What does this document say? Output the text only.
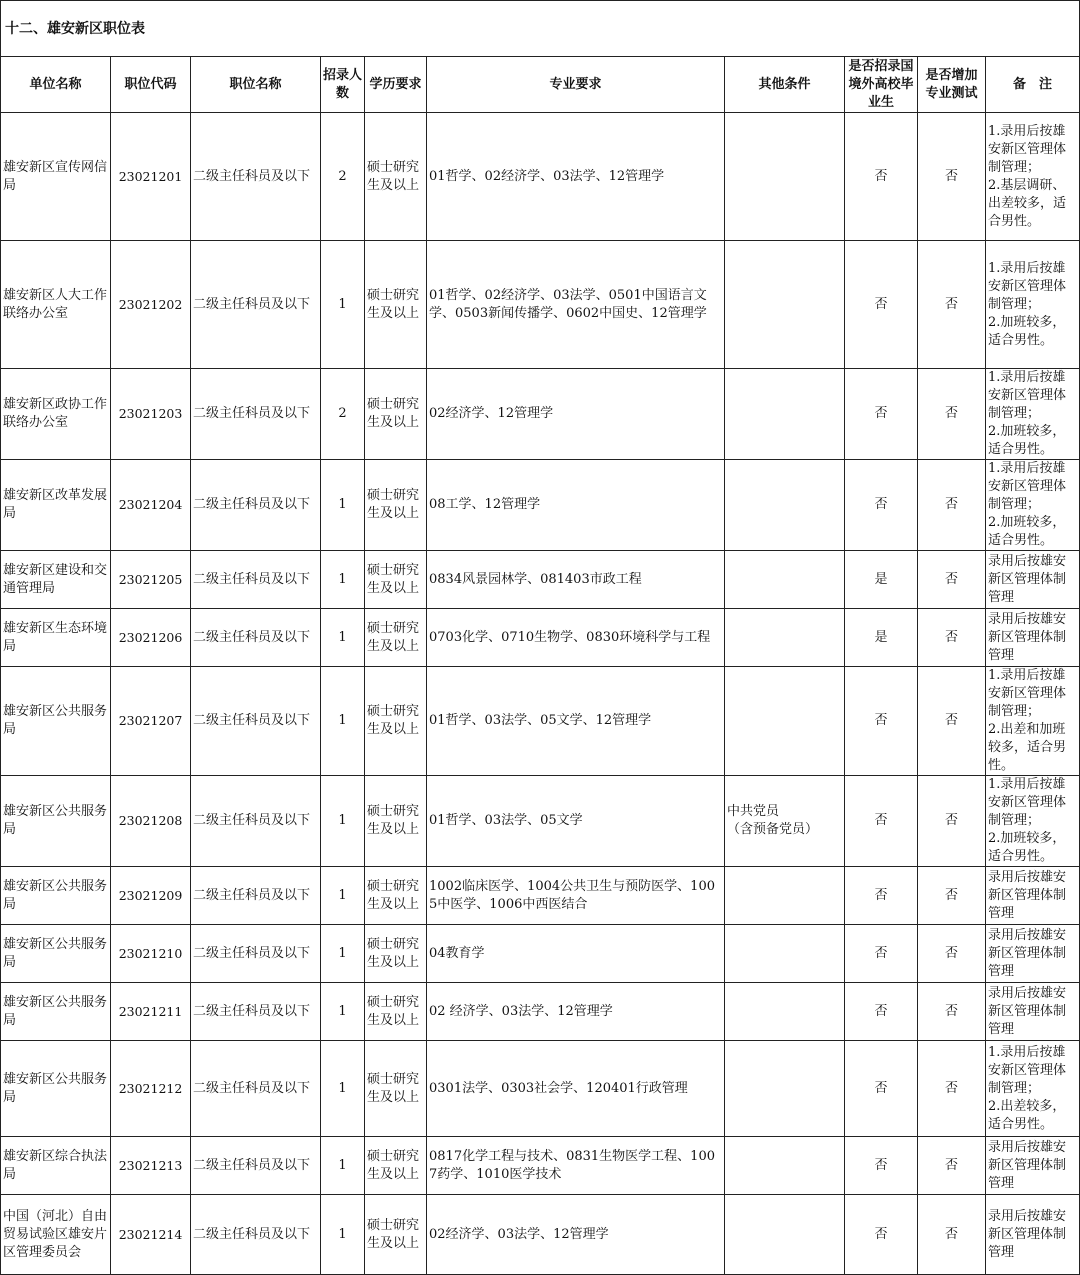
十二、雄安新区职位表									
单位名称	职位代码	职位名称	招录人数	学历要求	专业要求	其他条件	是否招录国境外高校毕业生	是否增加专业测试	备　注
雄安新区宣传网信局	23021201	二级主任科员及以下	2	硕士研究生及以上	01哲学、02经济学、03法学、12管理学		否	否	1.录用后按雄安新区管理体制管理；
2.基层调研、出差较多，适合男性。
雄安新区人大工作联络办公室	23021202	二级主任科员及以下	1	硕士研究生及以上	01哲学、02经济学、03法学、0501中国语言文学、0503新闻传播学、0602中国史、12管理学		否	否	1.录用后按雄安新区管理体制管理；
2.加班较多，适合男性。
雄安新区政协工作联络办公室	23021203	二级主任科员及以下	2	硕士研究生及以上	02经济学、12管理学		否	否	1.录用后按雄安新区管理体制管理；
2.加班较多，适合男性。
雄安新区改革发展局	23021204	二级主任科员及以下	1	硕士研究生及以上	08工学、12管理学		否	否	1.录用后按雄安新区管理体制管理；
2.加班较多，适合男性。
雄安新区建设和交通管理局	23021205	二级主任科员及以下	1	硕士研究生及以上	0834风景园林学、081403市政工程		是	否	录用后按雄安新区管理体制管理
雄安新区生态环境局	23021206	二级主任科员及以下	1	硕士研究生及以上	0703化学、0710生物学、0830环境科学与工程		是	否	录用后按雄安新区管理体制管理
雄安新区公共服务局	23021207	二级主任科员及以下	1	硕士研究生及以上	01哲学、03法学、05文学、12管理学		否	否	1.录用后按雄安新区管理体制管理；
2.出差和加班较多，适合男性。
雄安新区公共服务局	23021208	二级主任科员及以下	1	硕士研究生及以上	01哲学、03法学、05文学	中共党员
（含预备党员）	否	否	1.录用后按雄安新区管理体制管理；
2.加班较多，适合男性。
雄安新区公共服务局	23021209	二级主任科员及以下	1	硕士研究生及以上	1002临床医学、1004公共卫生与预防医学、1005中医学、1006中西医结合		否	否	录用后按雄安新区管理体制管理
雄安新区公共服务局	23021210	二级主任科员及以下	1	硕士研究生及以上	04教育学		否	否	录用后按雄安新区管理体制管理
雄安新区公共服务局	23021211	二级主任科员及以下	1	硕士研究生及以上	02 经济学、03法学、12管理学		否	否	录用后按雄安新区管理体制管理
雄安新区公共服务局	23021212	二级主任科员及以下	1	硕士研究生及以上	0301法学、0303社会学、120401行政管理		否	否	1.录用后按雄安新区管理体制管理；
2.出差较多，适合男性。
雄安新区综合执法局	23021213	二级主任科员及以下	1	硕士研究生及以上	0817化学工程与技术、0831生物医学工程、1007药学、1010医学技术		否	否	录用后按雄安新区管理体制管理
中国（河北）自由贸易试验区雄安片区管理委员会	23021214	二级主任科员及以下	1	硕士研究生及以上	02经济学、03法学、12管理学		否	否	录用后按雄安新区管理体制管理
